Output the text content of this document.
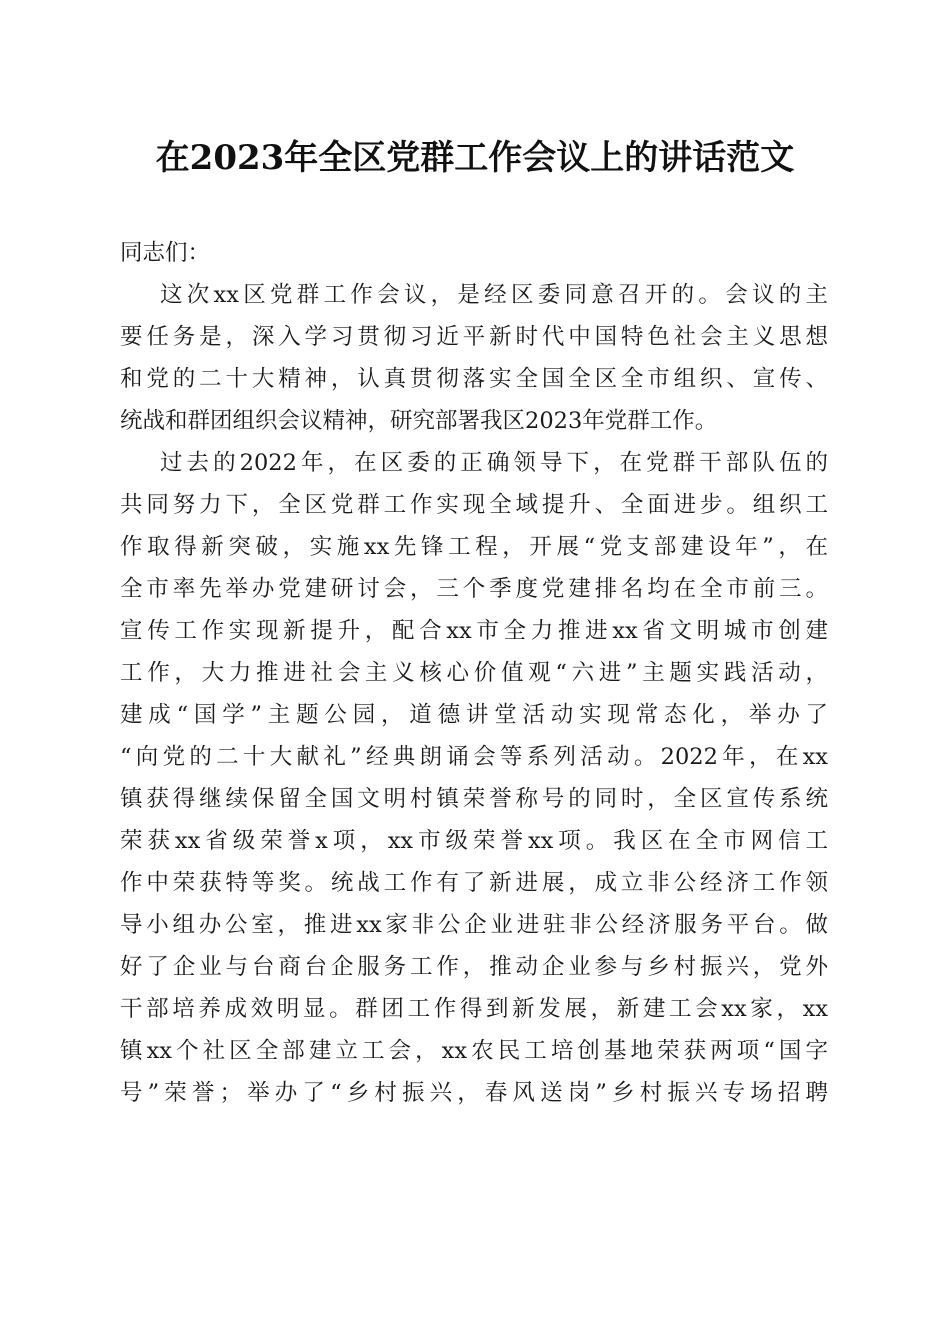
在2023年全区党群工作会议上的讲话范文
同志们：
这次xx区党群工作会议，是经区委同意召开的。会议的主
要任务是，深入学习贯彻习近平新时代中国特色社会主义思想
和党的二十大精神，认真贯彻落实全国全区全市组织、宣传、
统战和群团组织会议精神，研究部署我区2023年党群工作。
过去的2022年，在区委的正确领导下，在党群干部队伍的
共同努力下，全区党群工作实现全域提升、全面进步。组织工
作取得新突破，实施xx先锋工程，开展“党支部建设年”，在
全市率先举办党建研讨会，三个季度党建排名均在全市前三。
宣传工作实现新提升，配合xx市全力推进xx省文明城市创建
工作，大力推进社会主义核心价值观“六进”主题实践活动，
建成“国学”主题公园，道德讲堂活动实现常态化，举办了
“向党的二十大献礼”经典朗诵会等系列活动。2022年，在xx
镇获得继续保留全国文明村镇荣誉称号的同时，全区宣传系统
荣获xx省级荣誉x项，xx市级荣誉xx项。我区在全市网信工
作中荣获特等奖。统战工作有了新进展，成立非公经济工作领
导小组办公室，推进xx家非公企业进驻非公经济服务平台。做
好了企业与台商台企服务工作，推动企业参与乡村振兴，党外
干部培养成效明显。群团工作得到新发展，新建工会xx家，xx
镇xx个社区全部建立工会，xx农民工培创基地荣获两项“国字
号”荣誉；举办了“乡村振兴，春风送岗”乡村振兴专场招聘
